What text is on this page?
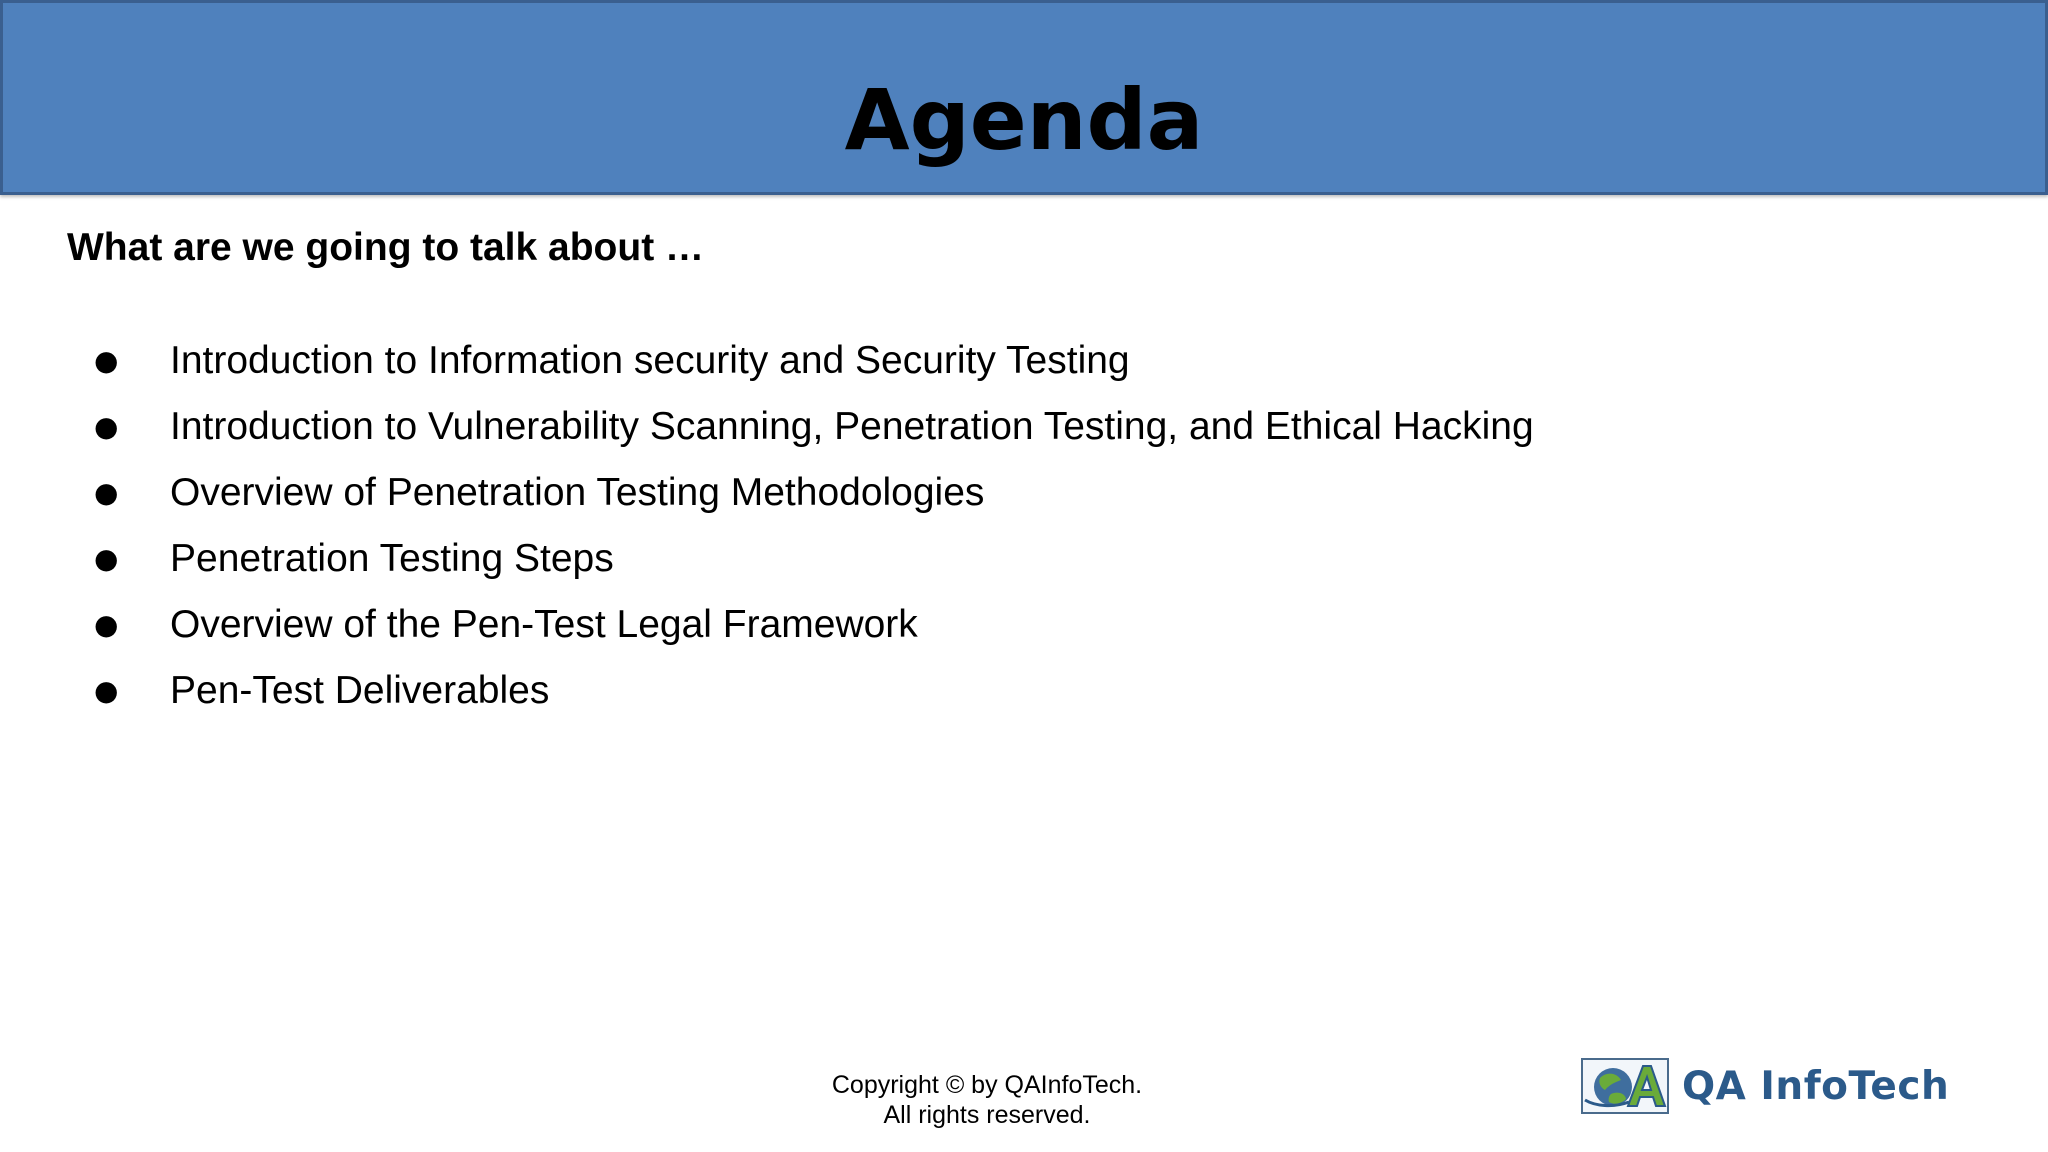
Agenda

What are we going to talk about …

● Introduction to Information security and Security Testing
● Introduction to Vulnerability Scanning, Penetration Testing, and Ethical Hacking
● Overview of Penetration Testing Methodologies
● Penetration Testing Steps
● Overview of the Pen-Test Legal Framework
● Pen-Test Deliverables
Copyright © by QAInfoTech.
All rights reserved.
QA InfoTech
